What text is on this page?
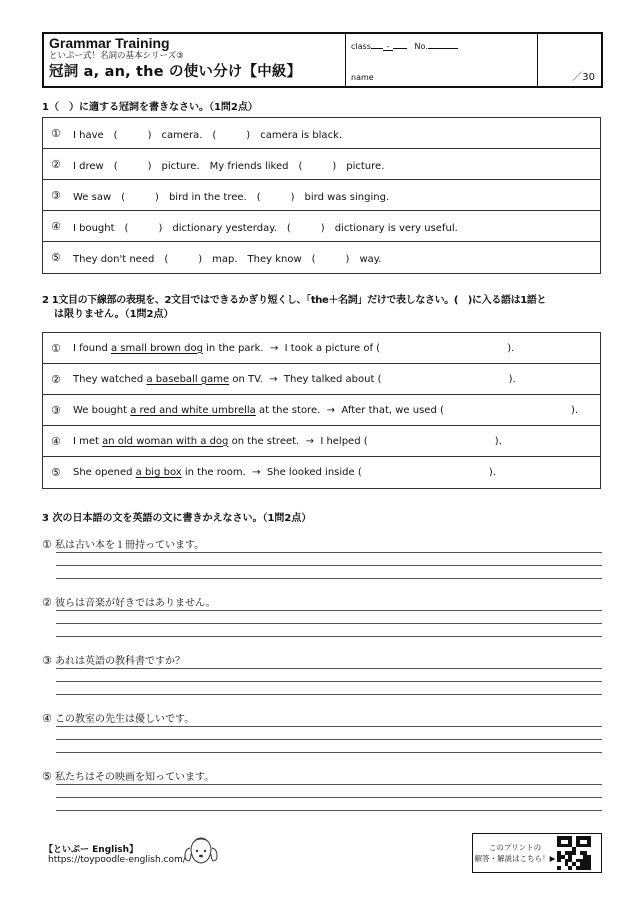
Grammar Training
といぷー式！名詞の基本シリーズ③
冠詞 a, an, the の使い分け【中級】
class -	No.
name	／30
1（　）に適する冠詞を書きなさい。（1問2点）
①	I have　(　　　)　camera.　(　　　)　camera is black.
②	I drew　(　　　)　picture.　My friends liked　(　　　)　picture.
③	We saw　(　　　)　bird in the tree.　(　　　)　bird was singing.
④	I bought　(　　　)　dictionary yesterday.　(　　　)　dictionary is very useful.
⑤	They don't need　(　　　)　map.　They know　(　　　)　way.
2 1文目の下線部の表現を、2文目ではできるかぎり短くし、「the＋名詞」だけで表しなさい。(　)に入る語は1語と
は限りません。（1問2点）
①	I found a small brown dog in the park.  →  I took a picture of (                                        ).
②	They watched a baseball game on TV.  →  They talked about (                                        ).
③	We bought a red and white umbrella at the store.  →  After that, we used (                                        ).
④	I met an old woman with a dog on the street.  →  I helped (                                        ).
⑤	She opened a big box in the room.  →  She looked inside (                                        ).
3 次の日本語の文を英語の文に書きかえなさい。（1問2点）
① 私は古い本を１冊持っています。
② 彼らは音楽が好きではありません。
③ あれは英語の教科書ですか？
④ この教室の先生は優しいです。
⑤ 私たちはその映画を知っています。
【といぷー English】
https://toypoodle-english.com/
このプリントの
解答・解説はこちら！▶
